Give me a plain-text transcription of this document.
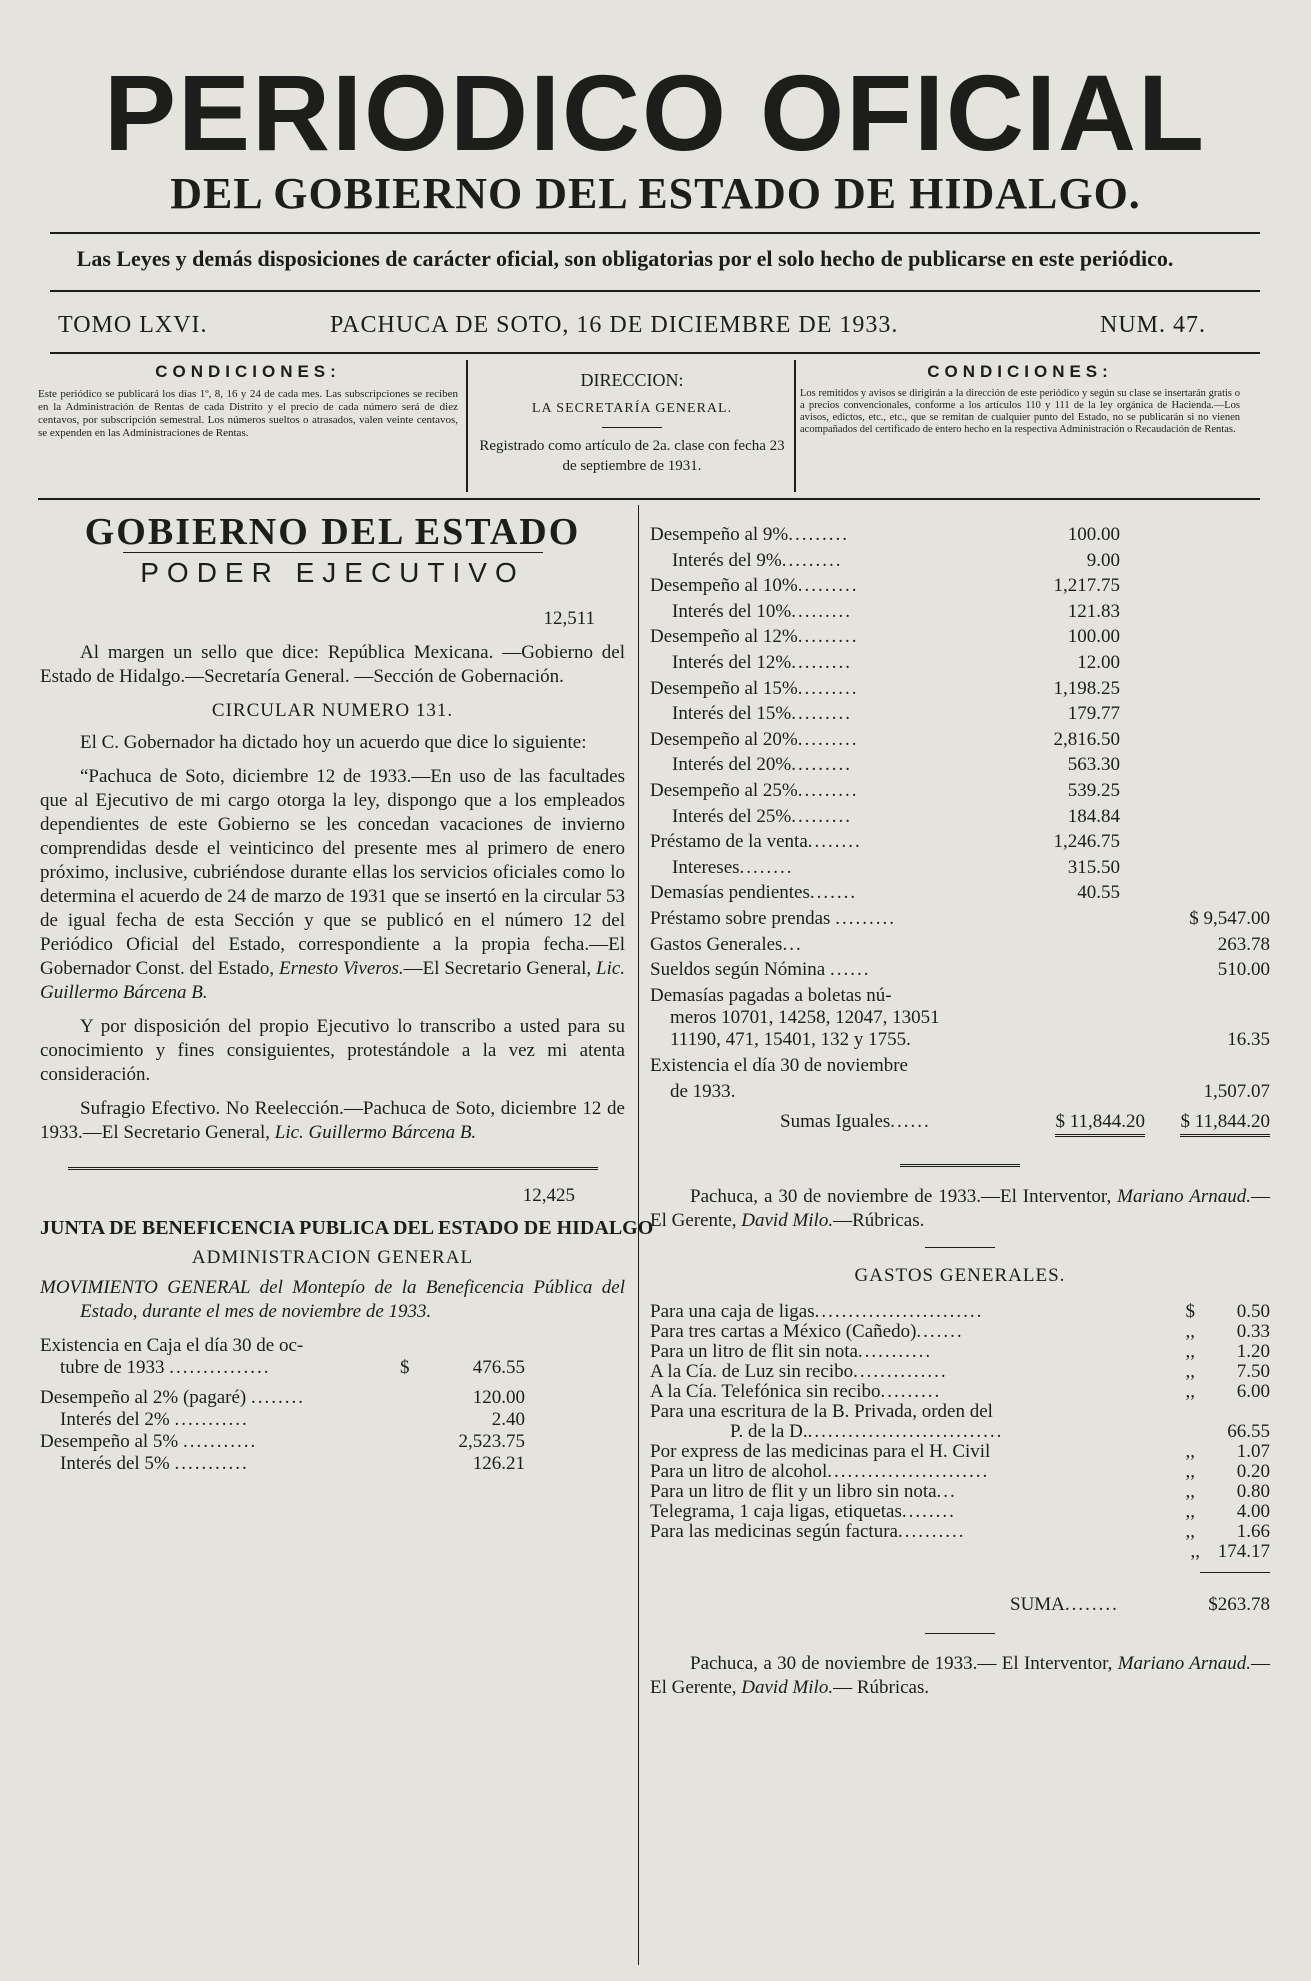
PERIODICO OFICIAL
DEL GOBIERNO DEL ESTADO DE HIDALGO.
Las Leyes y demás disposiciones de carácter oficial, son obligatorias por el solo hecho de publicarse en este periódico.
TOMO LXVI.	PACHUCA DE SOTO, 16 DE DICIEMBRE DE 1933.	NUM. 47.
CONDICIONES:
Este periódico se publicará los días 1º, 8, 16 y 24 de cada mes. Las subscripciones se reciben en la Administración de Rentas de cada Distrito y el precio de cada número será de diez centavos, por subscripción semestral. Los números sueltos o atrasados, valen veinte centavos, se expenden en las Administraciones de Rentas.
DIRECCION:
LA SECRETARÍA GENERAL.
Registrado como artículo de 2a. clase con fecha 23 de septiembre de 1931.
CONDICIONES:
Los remitidos y avisos se dirigirán a la dirección de este periódico y según su clase se insertarán gratis o a precios convencionales, conforme a los artículos 110 y 111 de la ley orgánica de Hacienda.—Los avisos, edictos, etc., etc., que se remitan de cualquier punto del Estado, no se publicarán si no vienen acompañados del certificado de entero hecho en la respectiva Administración o Recaudación de Rentas.
GOBIERNO DEL ESTADO
PODER EJECUTIVO
12,511
Al margen un sello que dice: República Mexicana. —Gobierno del Estado de Hidalgo.—Secretaría General. —Sección de Gobernación.
CIRCULAR NUMERO 131.
El C. Gobernador ha dictado hoy un acuerdo que dice lo siguiente:
“Pachuca de Soto, diciembre 12 de 1933.—En uso de las facultades que al Ejecutivo de mi cargo otorga la ley, dispongo que a los empleados dependientes de este Gobierno se les concedan vacaciones de invierno comprendidas desde el veinticinco del presente mes al primero de enero próximo, inclusive, cubriéndose durante ellas los servicios oficiales como lo determina el acuerdo de 24 de marzo de 1931 que se insertó en la circular 53 de igual fecha de esta Sección y que se publicó en el número 12 del Periódico Oficial del Estado, correspondiente a la propia fecha.—El Gobernador Const. del Estado, Ernesto Viveros.—El Secretario General, Lic. Guillermo Bárcena B.
Y por disposición del propio Ejecutivo lo transcribo a usted para su conocimiento y fines consiguientes, protestándole a la vez mi atenta consideración.
Sufragio Efectivo. No Reelección.—Pachuca de Soto, diciembre 12 de 1933.—El Secretario General, Lic. Guillermo Bárcena B.
12,425
JUNTA DE BENEFICENCIA PUBLICA DEL ESTADO DE HIDALGO
ADMINISTRACION GENERAL
MOVIMIENTO GENERAL del Montepío de la Beneficencia Pública del Estado, durante el mes de noviembre de 1933.
Existencia en Caja el día 30 de oc-
tubre de 1933 ...............	$	476.55
Desempeño al 2% (pagaré) ........	120.00
Interés del 2% ...........	2.40
Desempeño al 5% ...........	2,523.75
Interés del 5% ...........	126.21
Desempeño al 9%.........	100.00
Interés del 9%.........	9.00
Desempeño al 10%.........	1,217.75
Interés del 10%.........	121.83
Desempeño al 12%.........	100.00
Interés del 12%.........	12.00
Desempeño al 15%.........	1,198.25
Interés del 15%.........	179.77
Desempeño al 20%.........	2,816.50
Interés del 20%.........	563.30
Desempeño al 25%.........	539.25
Interés del 25%.........	184.84
Préstamo de la venta........	1,246.75
Intereses........	315.50
Demasías pendientes.......	40.55
Préstamo sobre prendas .........	$ 9,547.00
Gastos Generales...	263.78
Sueldos según Nómina ......	510.00
Demasías pagadas a boletas nú-
meros 10701, 14258, 12047, 13051
11190, 471, 15401, 132 y 1755.	16.35
Existencia el día 30 de noviembre
de 1933.	1,507.07
Sumas Iguales......	$ 11,844.20 $ 11,844.20
Pachuca, a 30 de noviembre de 1933.—El Interventor, Mariano Arnaud.—El Gerente, David Milo.—Rúbricas.
GASTOS GENERALES.
Para una caja de ligas.........................	$ 0.50
Para tres cartas a México (Cañedo).......	,, 0.33
Para un litro de flit sin nota...........	,, 1.20
A la Cía. de Luz sin recibo..............	,, 7.50
A la Cía. Telefónica sin recibo.........	,, 6.00
Para una escritura de la B. Privada, orden del
P. de la D..............................	66.55
Por express de las medicinas para el H. Civil	,, 1.07
Para un litro de alcohol........................	,, 0.20
Para un litro de flit y un libro sin nota...	,, 0.80
Telegrama, 1 caja ligas, etiquetas........	,, 4.00
Para las medicinas según factura..........	,, 1.66
,, 174.17
SUMA........	$263.78
Pachuca, a 30 de noviembre de 1933.— El Interventor, Mariano Arnaud.—El Gerente, David Milo.— Rúbricas.
